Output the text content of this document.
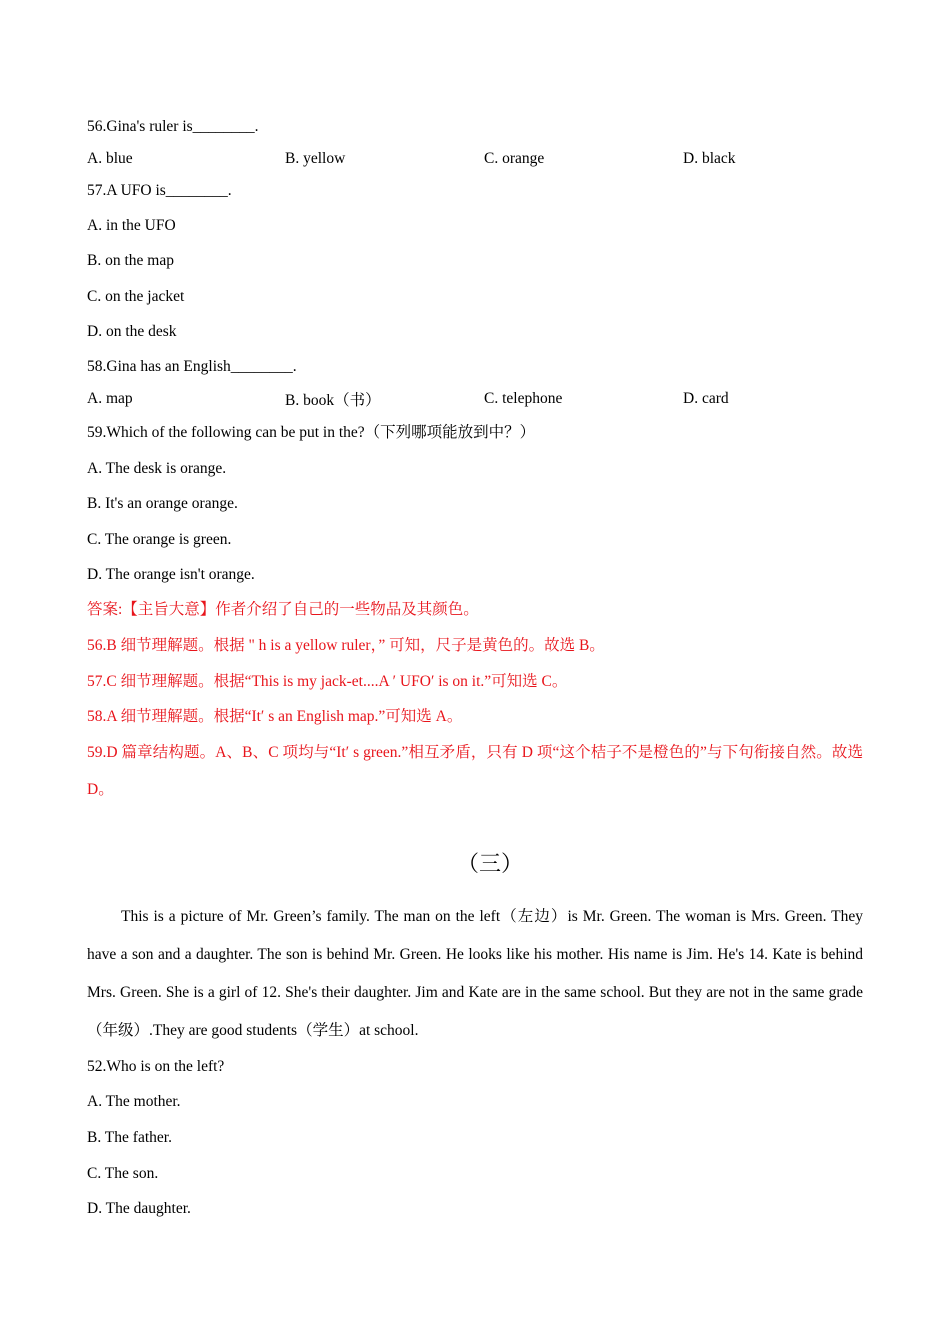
56.Gina's ruler is________.
A. blue	B. yellow	C. orange	D. black
57.A UFO is________.
A. in the UFO
B. on the map
C. on the jacket
D. on the desk
58.Gina has an English________.
A. map	B. book（书）	C. telephone	D. card
59.Which of the following can be put in the?（下列哪项能放到中？）
A. The desk is orange.
B. It's an orange orange.
C. The orange is green.
D. The orange isn't orange.
答案:【主旨大意】作者介绍了自己的一些物品及其颜色。
56.B 细节理解题。根据 " h is a yellow ruler，” 可知，尺子是黄色的。故选 B。
57.C 细节理解题。根据“This is my jack-et....A ′ UFO′ is on it.”可知选 C。
58.A 细节理解题。根据“It′ s an English map.”可知选 A。
59.D 篇章结构题。A、B、C 项均与“It′ s green.”相互矛盾，只有 D 项“这个桔子不是橙色的”与下句衔接自然。故选 D。
（三）
This is a picture of Mr. Green’s family. The man on the left（左边）is Mr. Green. The woman is Mrs. Green. They have a son and a daughter. The son is behind Mr. Green. He looks like his mother. His name is Jim. He's 14. Kate is behind Mrs. Green. She is a girl of 12. She's their daughter. Jim and Kate are in the same school. But they are not in the same grade（年级）.They are good students（学生）at school.
52.Who is on the left?
A. The mother.
B. The father.
C. The son.
D. The daughter.
